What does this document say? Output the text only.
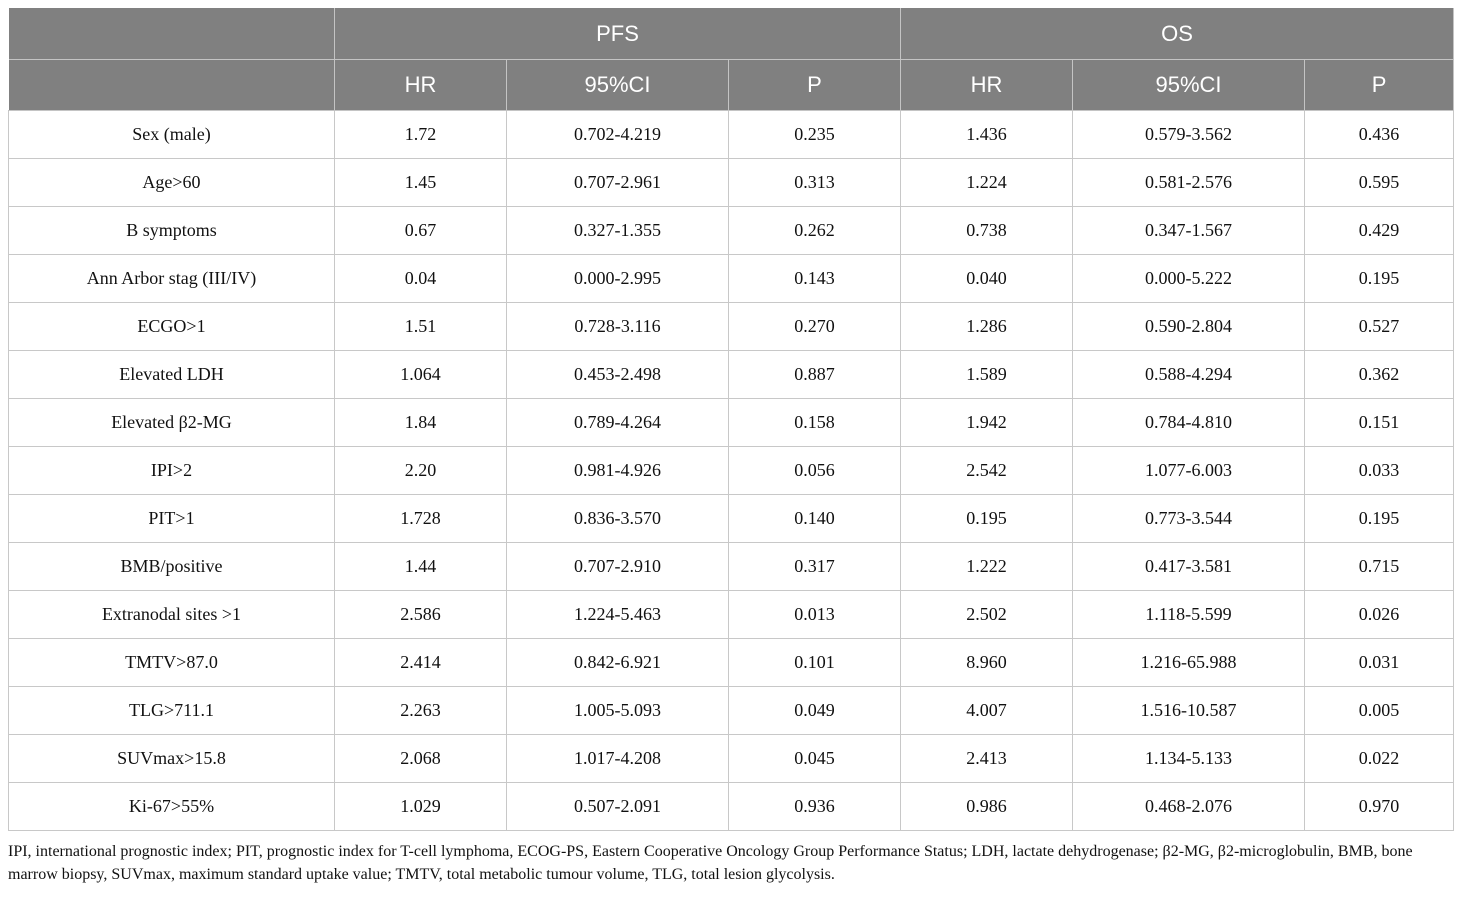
	PFS			OS		
	HR	95%CI	P	HR	95%CI	P
Sex (male)	1.72	0.702-4.219	0.235	1.436	0.579-3.562	0.436
Age>60	1.45	0.707-2.961	0.313	1.224	0.581-2.576	0.595
B symptoms	0.67	0.327-1.355	0.262	0.738	0.347-1.567	0.429
Ann Arbor stag (III/IV)	0.04	0.000-2.995	0.143	0.040	0.000-5.222	0.195
ECGO>1	1.51	0.728-3.116	0.270	1.286	0.590-2.804	0.527
Elevated LDH	1.064	0.453-2.498	0.887	1.589	0.588-4.294	0.362
Elevated β2-MG	1.84	0.789-4.264	0.158	1.942	0.784-4.810	0.151
IPI>2	2.20	0.981-4.926	0.056	2.542	1.077-6.003	0.033
PIT>1	1.728	0.836-3.570	0.140	0.195	0.773-3.544	0.195
BMB/positive	1.44	0.707-2.910	0.317	1.222	0.417-3.581	0.715
Extranodal sites >1	2.586	1.224-5.463	0.013	2.502	1.118-5.599	0.026
TMTV>87.0	2.414	0.842-6.921	0.101	8.960	1.216-65.988	0.031
TLG>711.1	2.263	1.005-5.093	0.049	4.007	1.516-10.587	0.005
SUVmax>15.8	2.068	1.017-4.208	0.045	2.413	1.134-5.133	0.022
Ki-67>55%	1.029	0.507-2.091	0.936	0.986	0.468-2.076	0.970
IPI, international prognostic index; PIT, prognostic index for T-cell lymphoma, ECOG-PS, Eastern Cooperative Oncology Group Performance Status; LDH, lactate dehydrogenase; β2-MG, β2-microglobulin, BMB, bone marrow biopsy, SUVmax, maximum standard uptake value; TMTV, total metabolic tumour volume, TLG, total lesion glycolysis.
